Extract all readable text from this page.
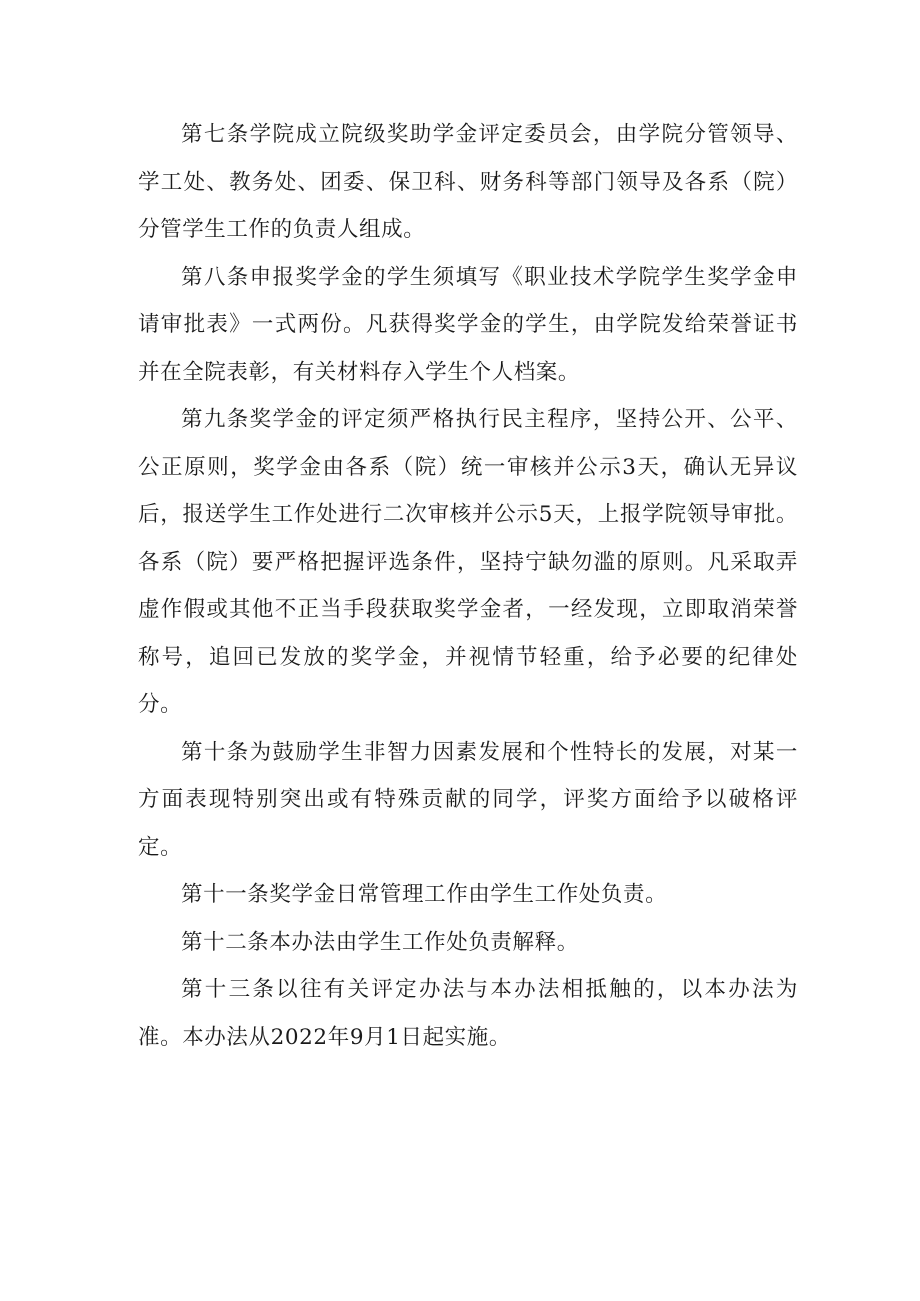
第七条学院成立院级奖助学金评定委员会，由学院分管领导、学工处、教务处、团委、保卫科、财务科等部门领导及各系（院）分管学生工作的负责人组成。

第八条申报奖学金的学生须填写《职业技术学院学生奖学金申请审批表》一式两份。凡获得奖学金的学生，由学院发给荣誉证书并在全院表彰，有关材料存入学生个人档案。

第九条奖学金的评定须严格执行民主程序，坚持公开、公平、公正原则，奖学金由各系（院）统一审核并公示3天，确认无异议后，报送学生工作处进行二次审核并公示5天，上报学院领导审批。各系（院）要严格把握评选条件，坚持宁缺勿滥的原则。凡采取弄虚作假或其他不正当手段获取奖学金者，一经发现，立即取消荣誉称号，追回已发放的奖学金，并视情节轻重，给予必要的纪律处分。

第十条为鼓励学生非智力因素发展和个性特长的发展，对某一方面表现特别突出或有特殊贡献的同学，评奖方面给予以破格评定。

第十一条奖学金日常管理工作由学生工作处负责。

第十二条本办法由学生工作处负责解释。

第十三条以往有关评定办法与本办法相抵触的，以本办法为准。本办法从2022年9月1日起实施。
